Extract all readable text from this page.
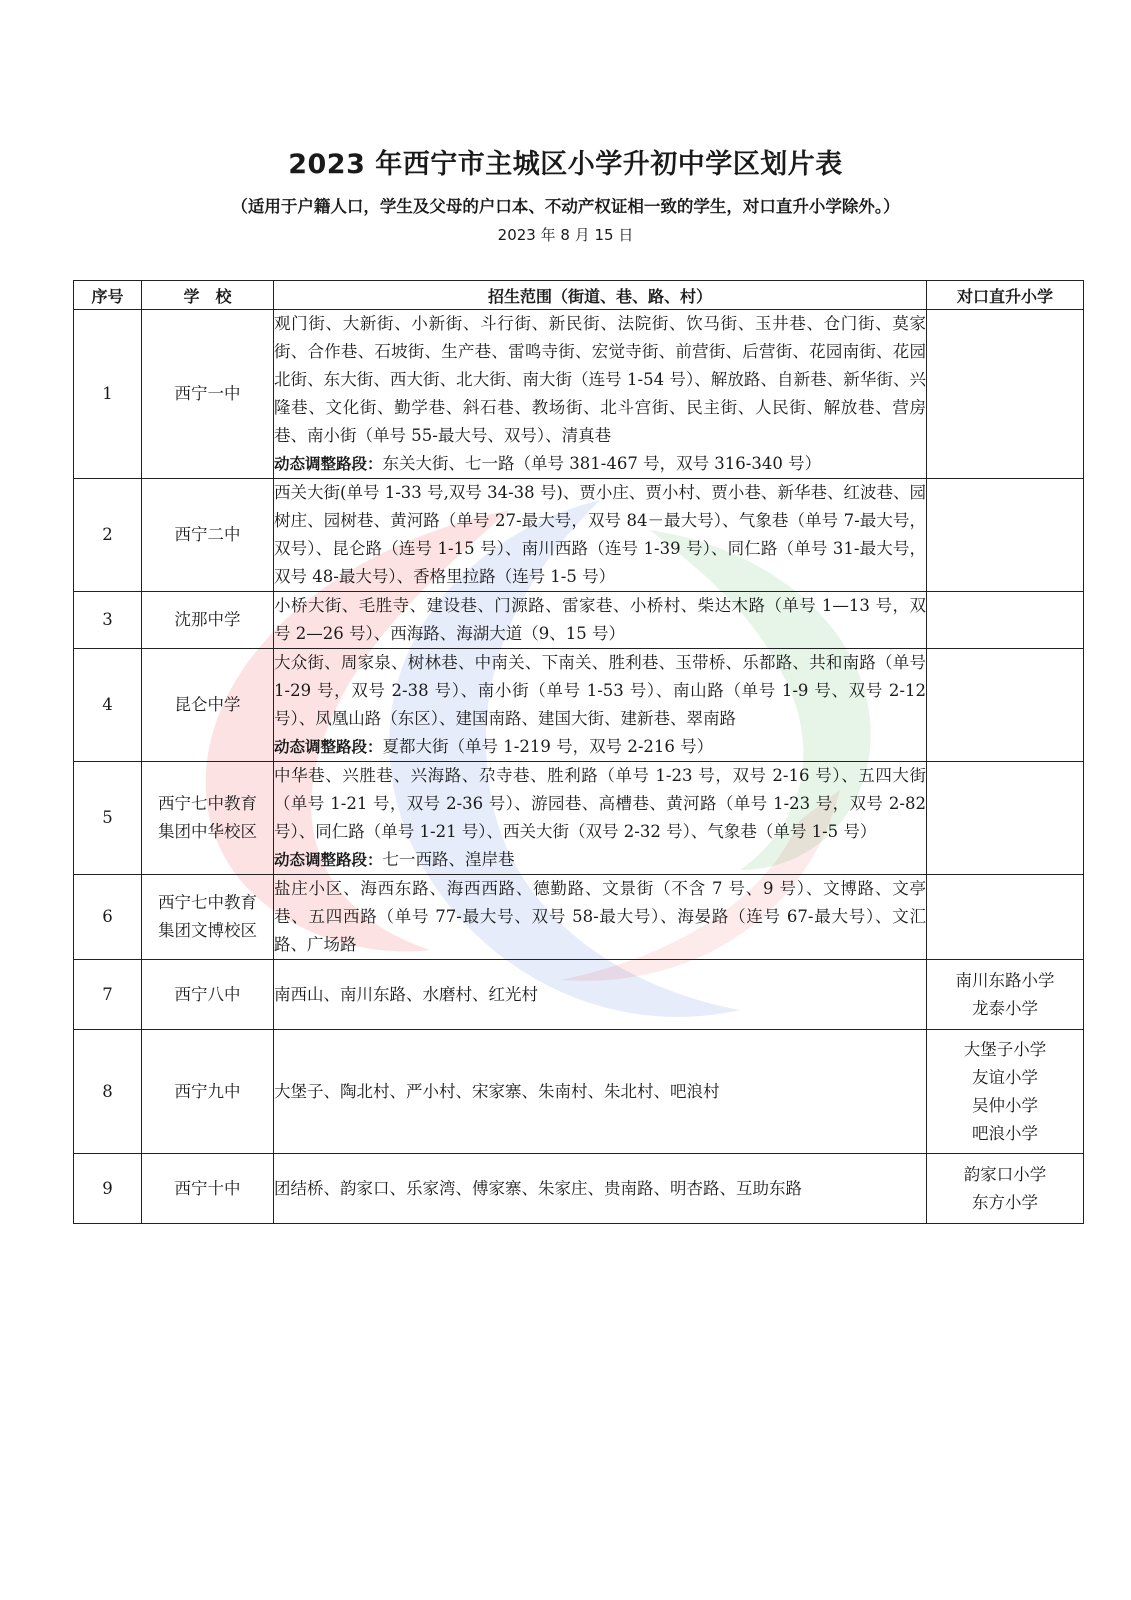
2023 年西宁市主城区小学升初中学区划片表
（适用于户籍人口，学生及父母的户口本、不动产权证相一致的学生，对口直升小学除外。）
2023 年 8 月 15 日
序号	学　校	招生范围（街道、巷、路、村）	对口直升小学
1	西宁一中	观门街、大新街、小新街、斗行街、新民街、法院街、饮马街、玉井巷、仓门街、莫家街、合作巷、石坡街、生产巷、雷鸣寺街、宏觉寺街、前营街、后营街、花园南街、花园北街、东大街、西大街、北大街、南大街（连号 1-54 号）、解放路、自新巷、新华街、兴隆巷、文化街、勤学巷、斜石巷、教场街、北斗宫街、民主街、人民街、解放巷、营房巷、南小街（单号 55-最大号、双号）、清真巷
动态调整路段：东关大街、七一路（单号 381-467 号，双号 316-340 号）	

2	西宁二中	西关大街(单号 1-33 号,双号 34-38 号)、贾小庄、贾小村、贾小巷、新华巷、红波巷、园树庄、园树巷、黄河路（单号 27-最大号，双号 84－最大号）、气象巷（单号 7-最大号，双号）、昆仑路（连号 1-15 号）、南川西路（连号 1-39 号）、同仁路（单号 31-最大号，双号 48-最大号）、香格里拉路（连号 1-5 号）	
3	沈那中学	小桥大街、毛胜寺、建设巷、门源路、雷家巷、小桥村、柴达木路（单号 1—13 号，双号 2—26 号）、西海路、海湖大道（9、15 号）	
4	昆仑中学	大众街、周家泉、树林巷、中南关、下南关、胜利巷、玉带桥、乐都路、共和南路（单号 1-29 号，双号 2-38 号）、南小街（单号 1-53 号）、南山路（单号 1-9 号、双号 2-12 号）、凤凰山路（东区）、建国南路、建国大街、建新巷、翠南路
动态调整路段：夏都大街（单号 1-219 号，双号 2-216 号）	

5	西宁七中教育
集团中华校区	中华巷、兴胜巷、兴海路、尕寺巷、胜利路（单号 1-23 号，双号 2-16 号）、五四大街（单号 1-21 号，双号 2-36 号）、游园巷、高槽巷、黄河路（单号 1-23 号，双号 2-82 号）、同仁路（单号 1-21 号）、西关大街（双号 2-32 号）、气象巷（单号 1-5 号）
动态调整路段：七一西路、湟岸巷	

6	西宁七中教育
集团文博校区	盐庄小区、海西东路、海西西路、德勤路、文景街（不含 7 号、9 号）、文博路、文亭巷、五四西路（单号 77-最大号、双号 58-最大号）、海晏路（连号 67-最大号）、文汇路、广场路	
7	西宁八中	南西山、南川东路、水磨村、红光村	南川东路小学
龙泰小学

8	西宁九中	大堡子、陶北村、严小村、宋家寨、朱南村、朱北村、吧浪村	大堡子小学
友谊小学
吴仲小学
吧浪小学

9	西宁十中	团结桥、韵家口、乐家湾、傅家寨、朱家庄、贵南路、明杏路、互助东路	韵家口小学
东方小学
